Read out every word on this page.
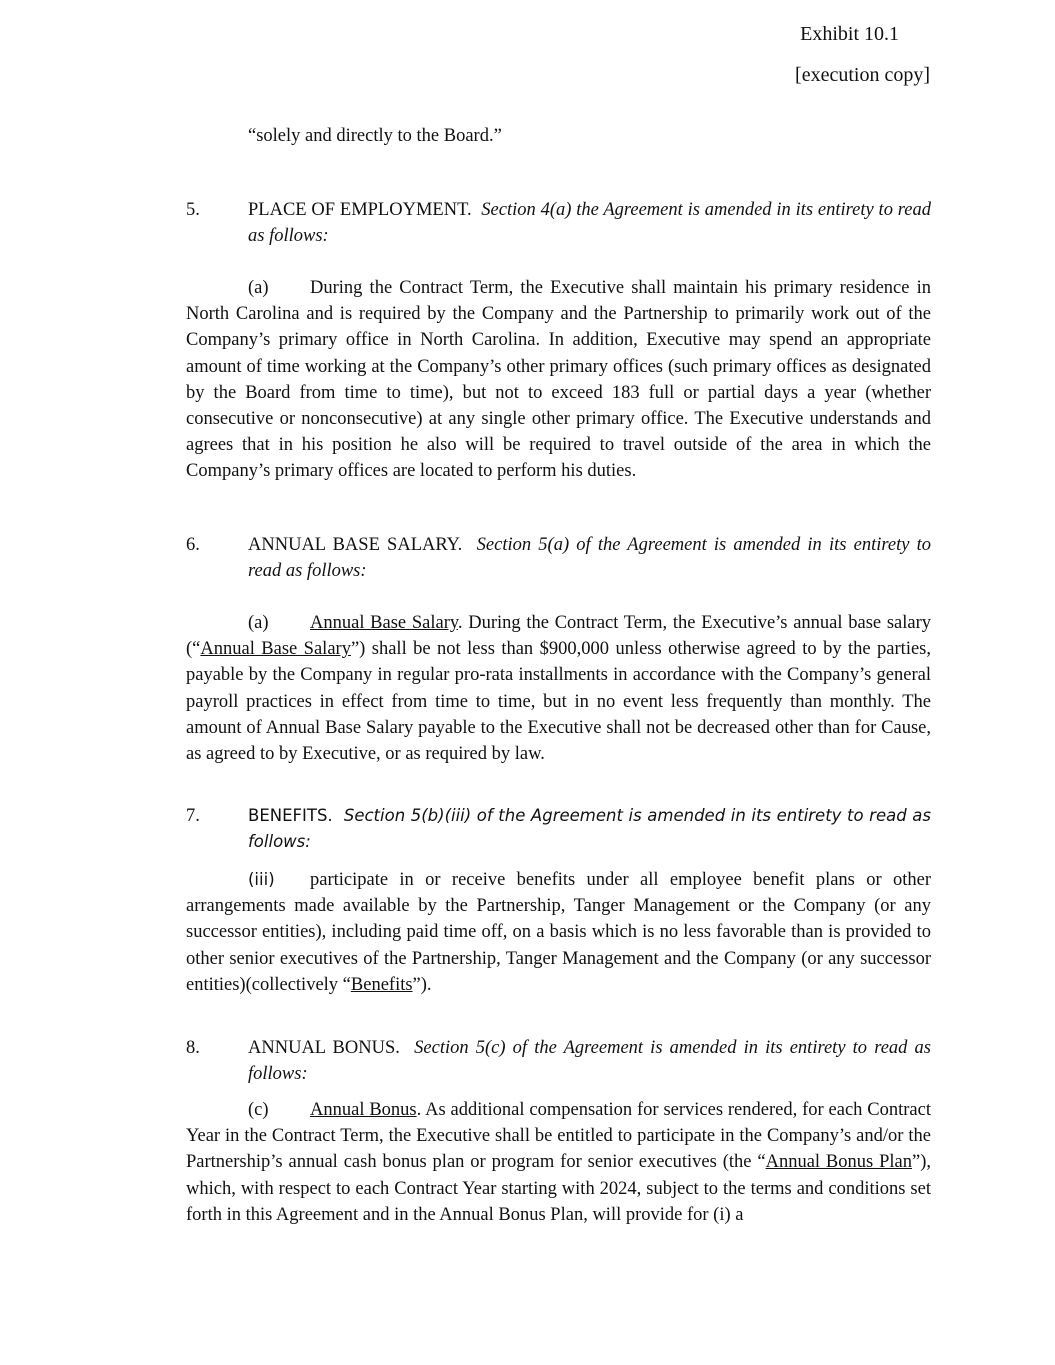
Exhibit 10.1
[execution copy]
“solely and directly to the Board.”
5.	PLACE OF EMPLOYMENT. Section 4(a) the Agreement is amended in its entirety to read as follows:
(a) During the Contract Term, the Executive shall maintain his primary residence in North Carolina and is required by the Company and the Partnership to primarily work out of the Company’s primary office in North Carolina. In addition, Executive may spend an appropriate amount of time working at the Company’s other primary offices (such primary offices as designated by the Board from time to time), but not to exceed 183 full or partial days a year (whether consecutive or nonconsecutive) at any single other primary office. The Executive understands and agrees that in his position he also will be required to travel outside of the area in which the Company’s primary offices are located to perform his duties.
6.	ANNUAL BASE SALARY. Section 5(a) of the Agreement is amended in its entirety to read as follows:
(a) Annual Base Salary. During the Contract Term, the Executive’s annual base salary (“Annual Base Salary”) shall be not less than $900,000 unless otherwise agreed to by the parties, payable by the Company in regular pro-rata installments in accordance with the Company’s general payroll practices in effect from time to time, but in no event less frequently than monthly. The amount of Annual Base Salary payable to the Executive shall not be decreased other than for Cause, as agreed to by Executive, or as required by law.
7.	BENEFITS. Section 5(b)(iii) of the Agreement is amended in its entirety to read as follows:
(iii) participate in or receive benefits under all employee benefit plans or other arrangements made available by the Partnership, Tanger Management or the Company (or any successor entities), including paid time off, on a basis which is no less favorable than is provided to other senior executives of the Partnership, Tanger Management and the Company (or any successor entities)(collectively “Benefits”).
8.	ANNUAL BONUS. Section 5(c) of the Agreement is amended in its entirety to read as follows:
(c) Annual Bonus. As additional compensation for services rendered, for each Contract Year in the Contract Term, the Executive shall be entitled to participate in the Company’s and/or the Partnership’s annual cash bonus plan or program for senior executives (the “Annual Bonus Plan”), which, with respect to each Contract Year starting with 2024, subject to the terms and conditions set forth in this Agreement and in the Annual Bonus Plan, will provide for (i) a
